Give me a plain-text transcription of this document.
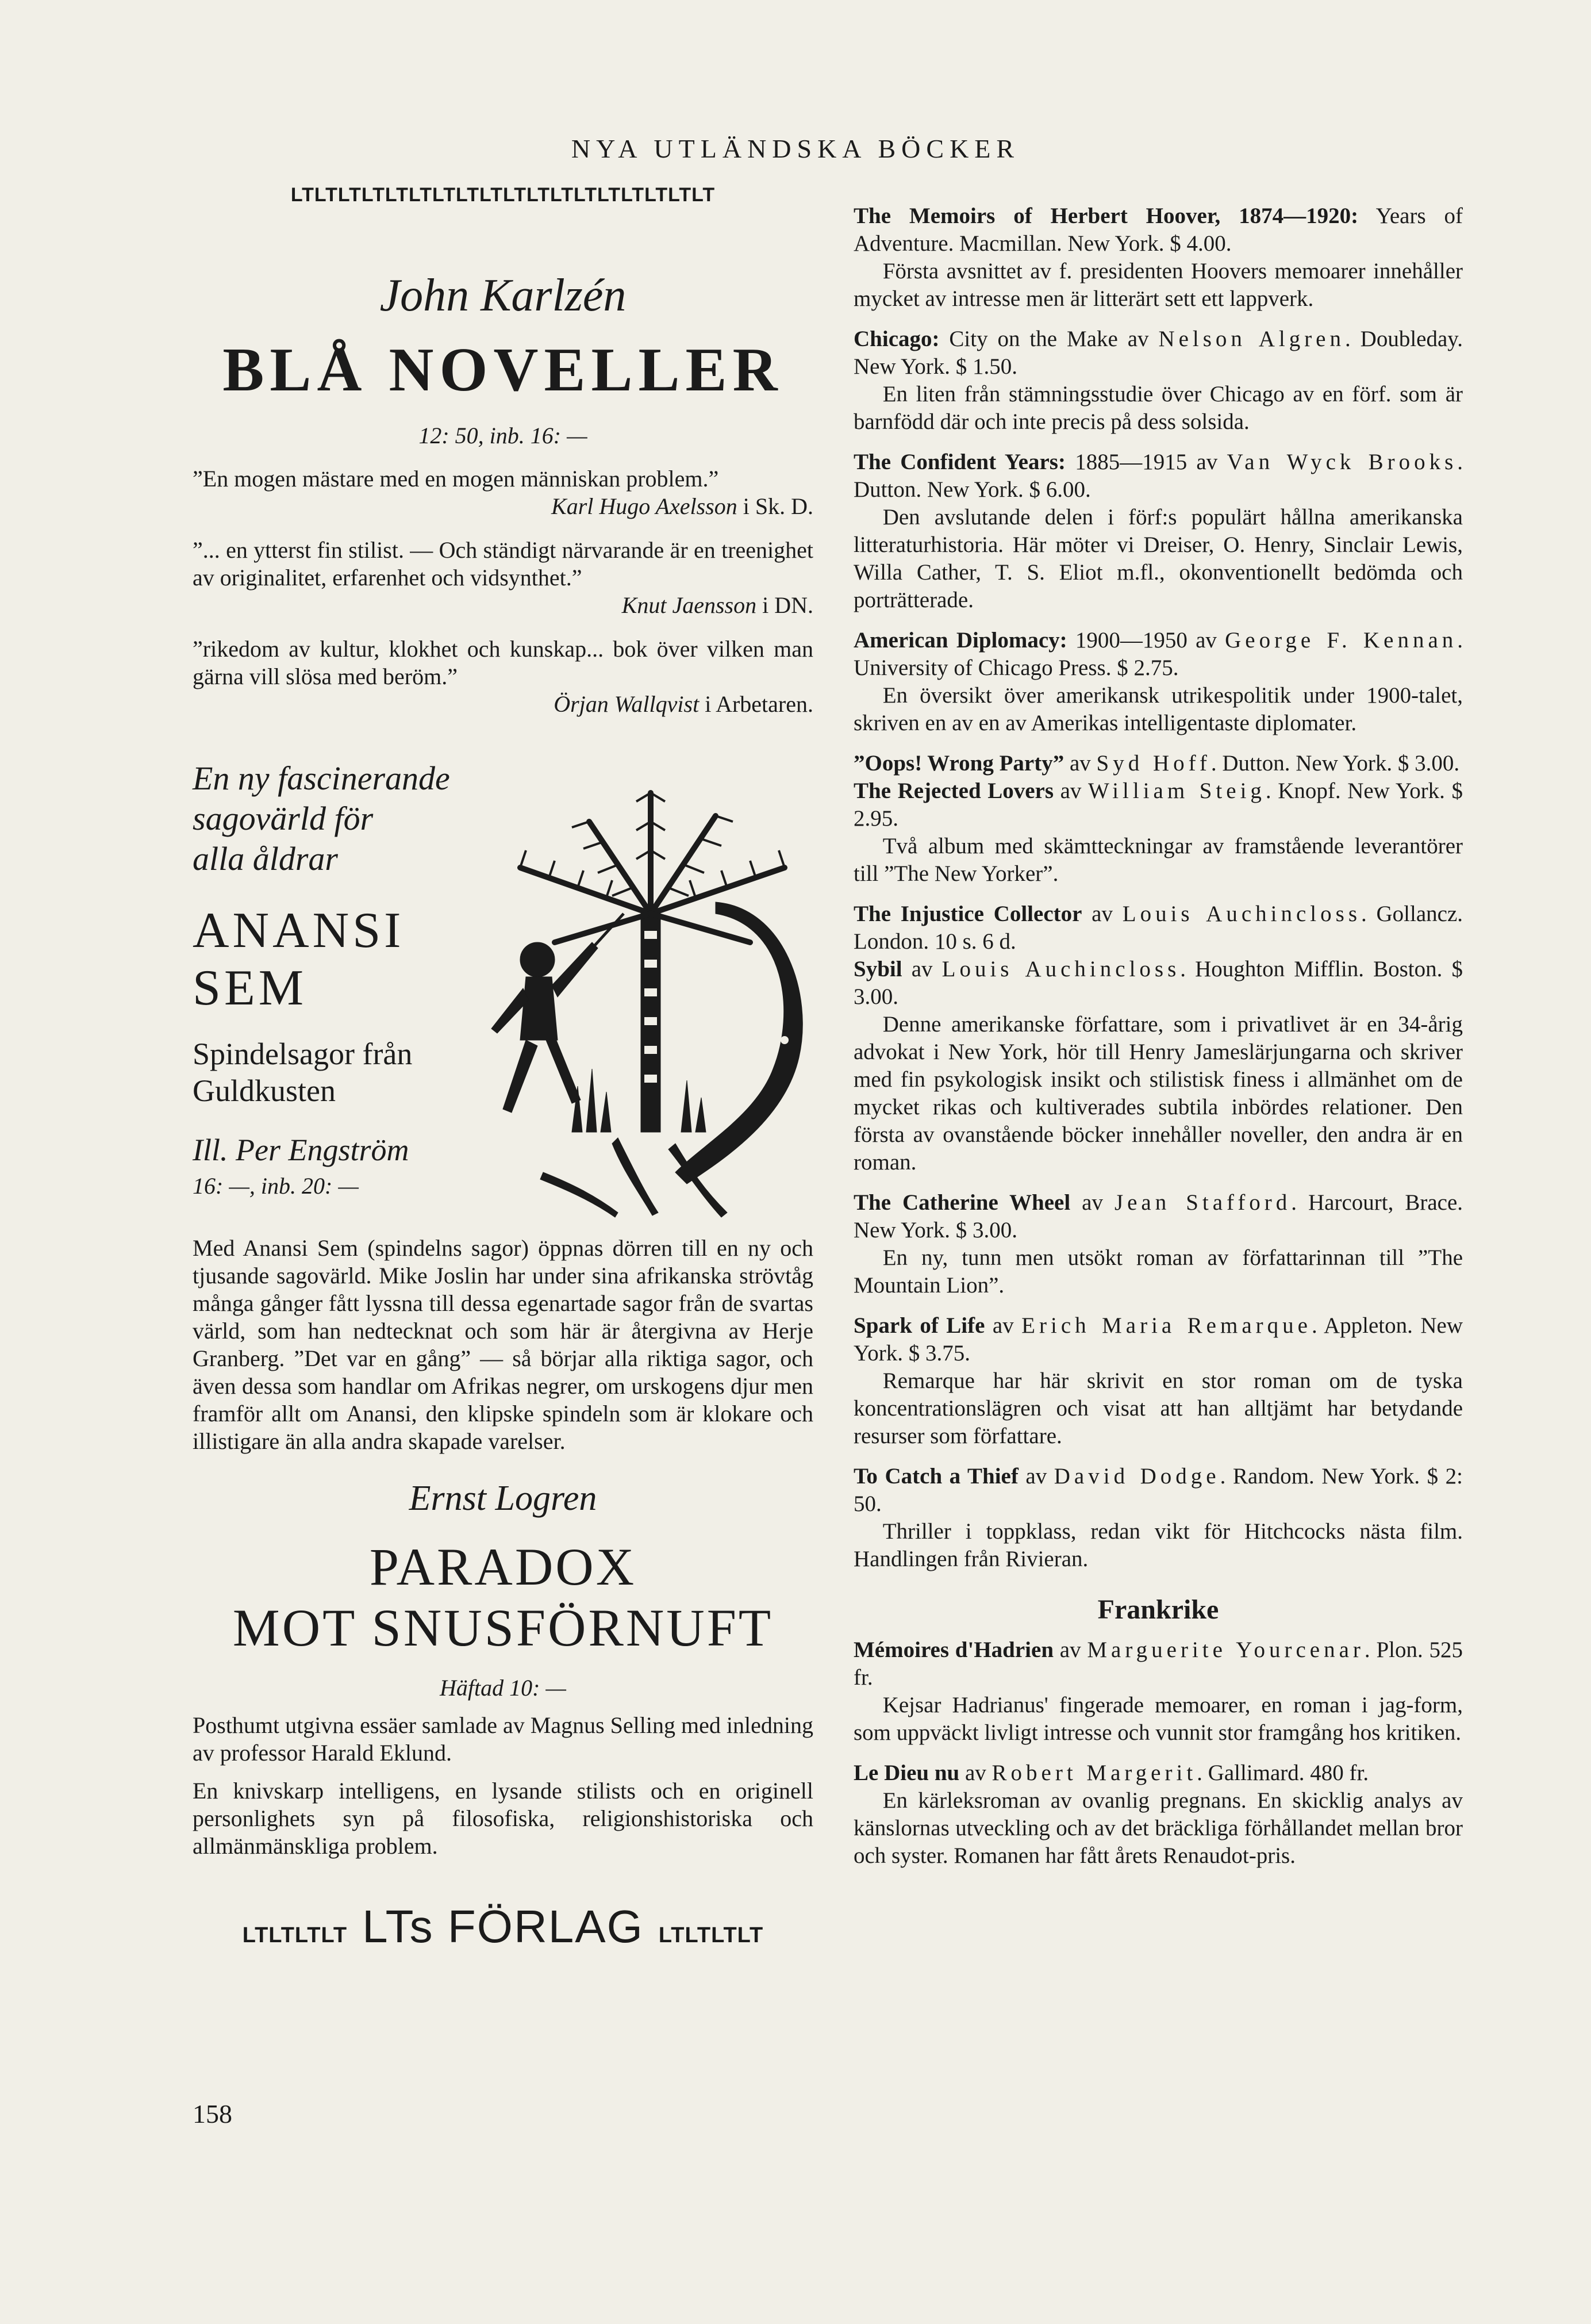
NYA UTLÄNDSKA BÖCKER
LTLTLTLTLTLTLTLTLTLTLTLTLTLTLTLTLTLT
John Karlzén
BLÅ NOVELLER
12: 50, inb. 16: —
”En mogen mästare med en mogen människan problem.”
Karl Hugo Axelsson i Sk. D.
”... en ytterst fin stilist. — Och ständigt närvarande är en treenighet av originalitet, erfarenhet och vidsynthet.”
Knut Jaensson i DN.
”rikedom av kultur, klokhet och kunskap... bok över vilken man gärna vill slösa med beröm.”
Örjan Wallqvist i Arbetaren.
En ny fascinerande
sagovärld för
alla åldrar
ANANSI
SEM
Spindelsagor från
Guldkusten
Ill. Per Engström
16: —, inb. 20: —
Med Anansi Sem (spindelns sagor) öppnas dörren till en ny och tjusande sagovärld. Mike Joslin har under sina afrikanska strövtåg många gånger fått lyssna till dessa egenartade sagor från de svartas värld, som han nedtecknat och som här är återgivna av Herje Granberg. ”Det var en gång” — så börjar alla riktiga sagor, och även dessa som handlar om Afrikas negrer, om urskogens djur men framför allt om Anansi, den klipske spindeln som är klokare och illistigare än alla andra skapade varelser.
Ernst Logren
PARADOX
MOT SNUSFÖRNUFT
Häftad 10: —
Posthumt utgivna essäer samlade av Magnus Selling med inledning av professor Harald Eklund.
En knivskarp intelligens, en lysande stilists och en originell personlighets syn på filosofiska, religionshistoriska och allmänmänskliga problem.
LTLTLTLT LTs FÖRLAG LTLTLTLT
158

The Memoirs of Herbert Hoover, 1874—1920: Years of Adventure. Macmillan. New York. $ 4.00.

Första avsnittet av f. presidenten Hoovers memoarer innehåller mycket av intresse men är litterärt sett ett lappverk.

Chicago: City on the Make av Nelson Algren. Doubleday. New York. $ 1.50.

En liten från stämningsstudie över Chicago av en förf. som är barnfödd där och inte precis på dess solsida.

The Confident Years: 1885—1915 av Van Wyck Brooks. Dutton. New York. $ 6.00.

Den avslutande delen i förf:s populärt hållna amerikanska litteraturhistoria. Här möter vi Dreiser, O. Henry, Sinclair Lewis, Willa Cather, T. S. Eliot m.fl., okonventionellt bedömda och porträtterade.

American Diplomacy: 1900—1950 av George F. Kennan. University of Chicago Press. $ 2.75.

En översikt över amerikansk utrikespolitik under 1900-talet, skriven en av en av Amerikas intelligentaste diplomater.

”Oops! Wrong Party” av Syd Hoff. Dutton. New York. $ 3.00.

The Rejected Lovers av William Steig. Knopf. New York. $ 2.95.

Två album med skämtteckningar av framstående leverantörer till ”The New Yorker”.

The Injustice Collector av Louis Auchincloss. Gollancz. London. 10 s. 6 d.

Sybil av Louis Auchincloss. Houghton Mifflin. Boston. $ 3.00.

Denne amerikanske författare, som i privatlivet är en 34-årig advokat i New York, hör till Henry Jameslärjungarna och skriver med fin psykologisk insikt och stilistisk finess i allmänhet om de mycket rikas och kultiverades subtila inbördes relationer. Den första av ovanstående böcker innehåller noveller, den andra är en roman.

The Catherine Wheel av Jean Stafford. Harcourt, Brace. New York. $ 3.00.

En ny, tunn men utsökt roman av författarinnan till ”The Mountain Lion”.

Spark of Life av Erich Maria Remarque. Appleton. New York. $ 3.75.

Remarque har här skrivit en stor roman om de tyska koncentrationslägren och visat att han alltjämt har betydande resurser som författare.

To Catch a Thief av David Dodge. Random. New York. $ 2: 50.

Thriller i toppklass, redan vikt för Hitchcocks nästa film. Handlingen från Rivieran.

Frankrike

Mémoires d'Hadrien av Marguerite Yourcenar. Plon. 525 fr.

Kejsar Hadrianus' fingerade memoarer, en roman i jag-form, som uppväckt livligt intresse och vunnit stor framgång hos kritiken.

Le Dieu nu av Robert Margerit. Gallimard. 480 fr.

En kärleksroman av ovanlig pregnans. En skicklig analys av känslornas utveckling och av det bräckliga förhållandet mellan bror och syster. Romanen har fått årets Renaudot-pris.
